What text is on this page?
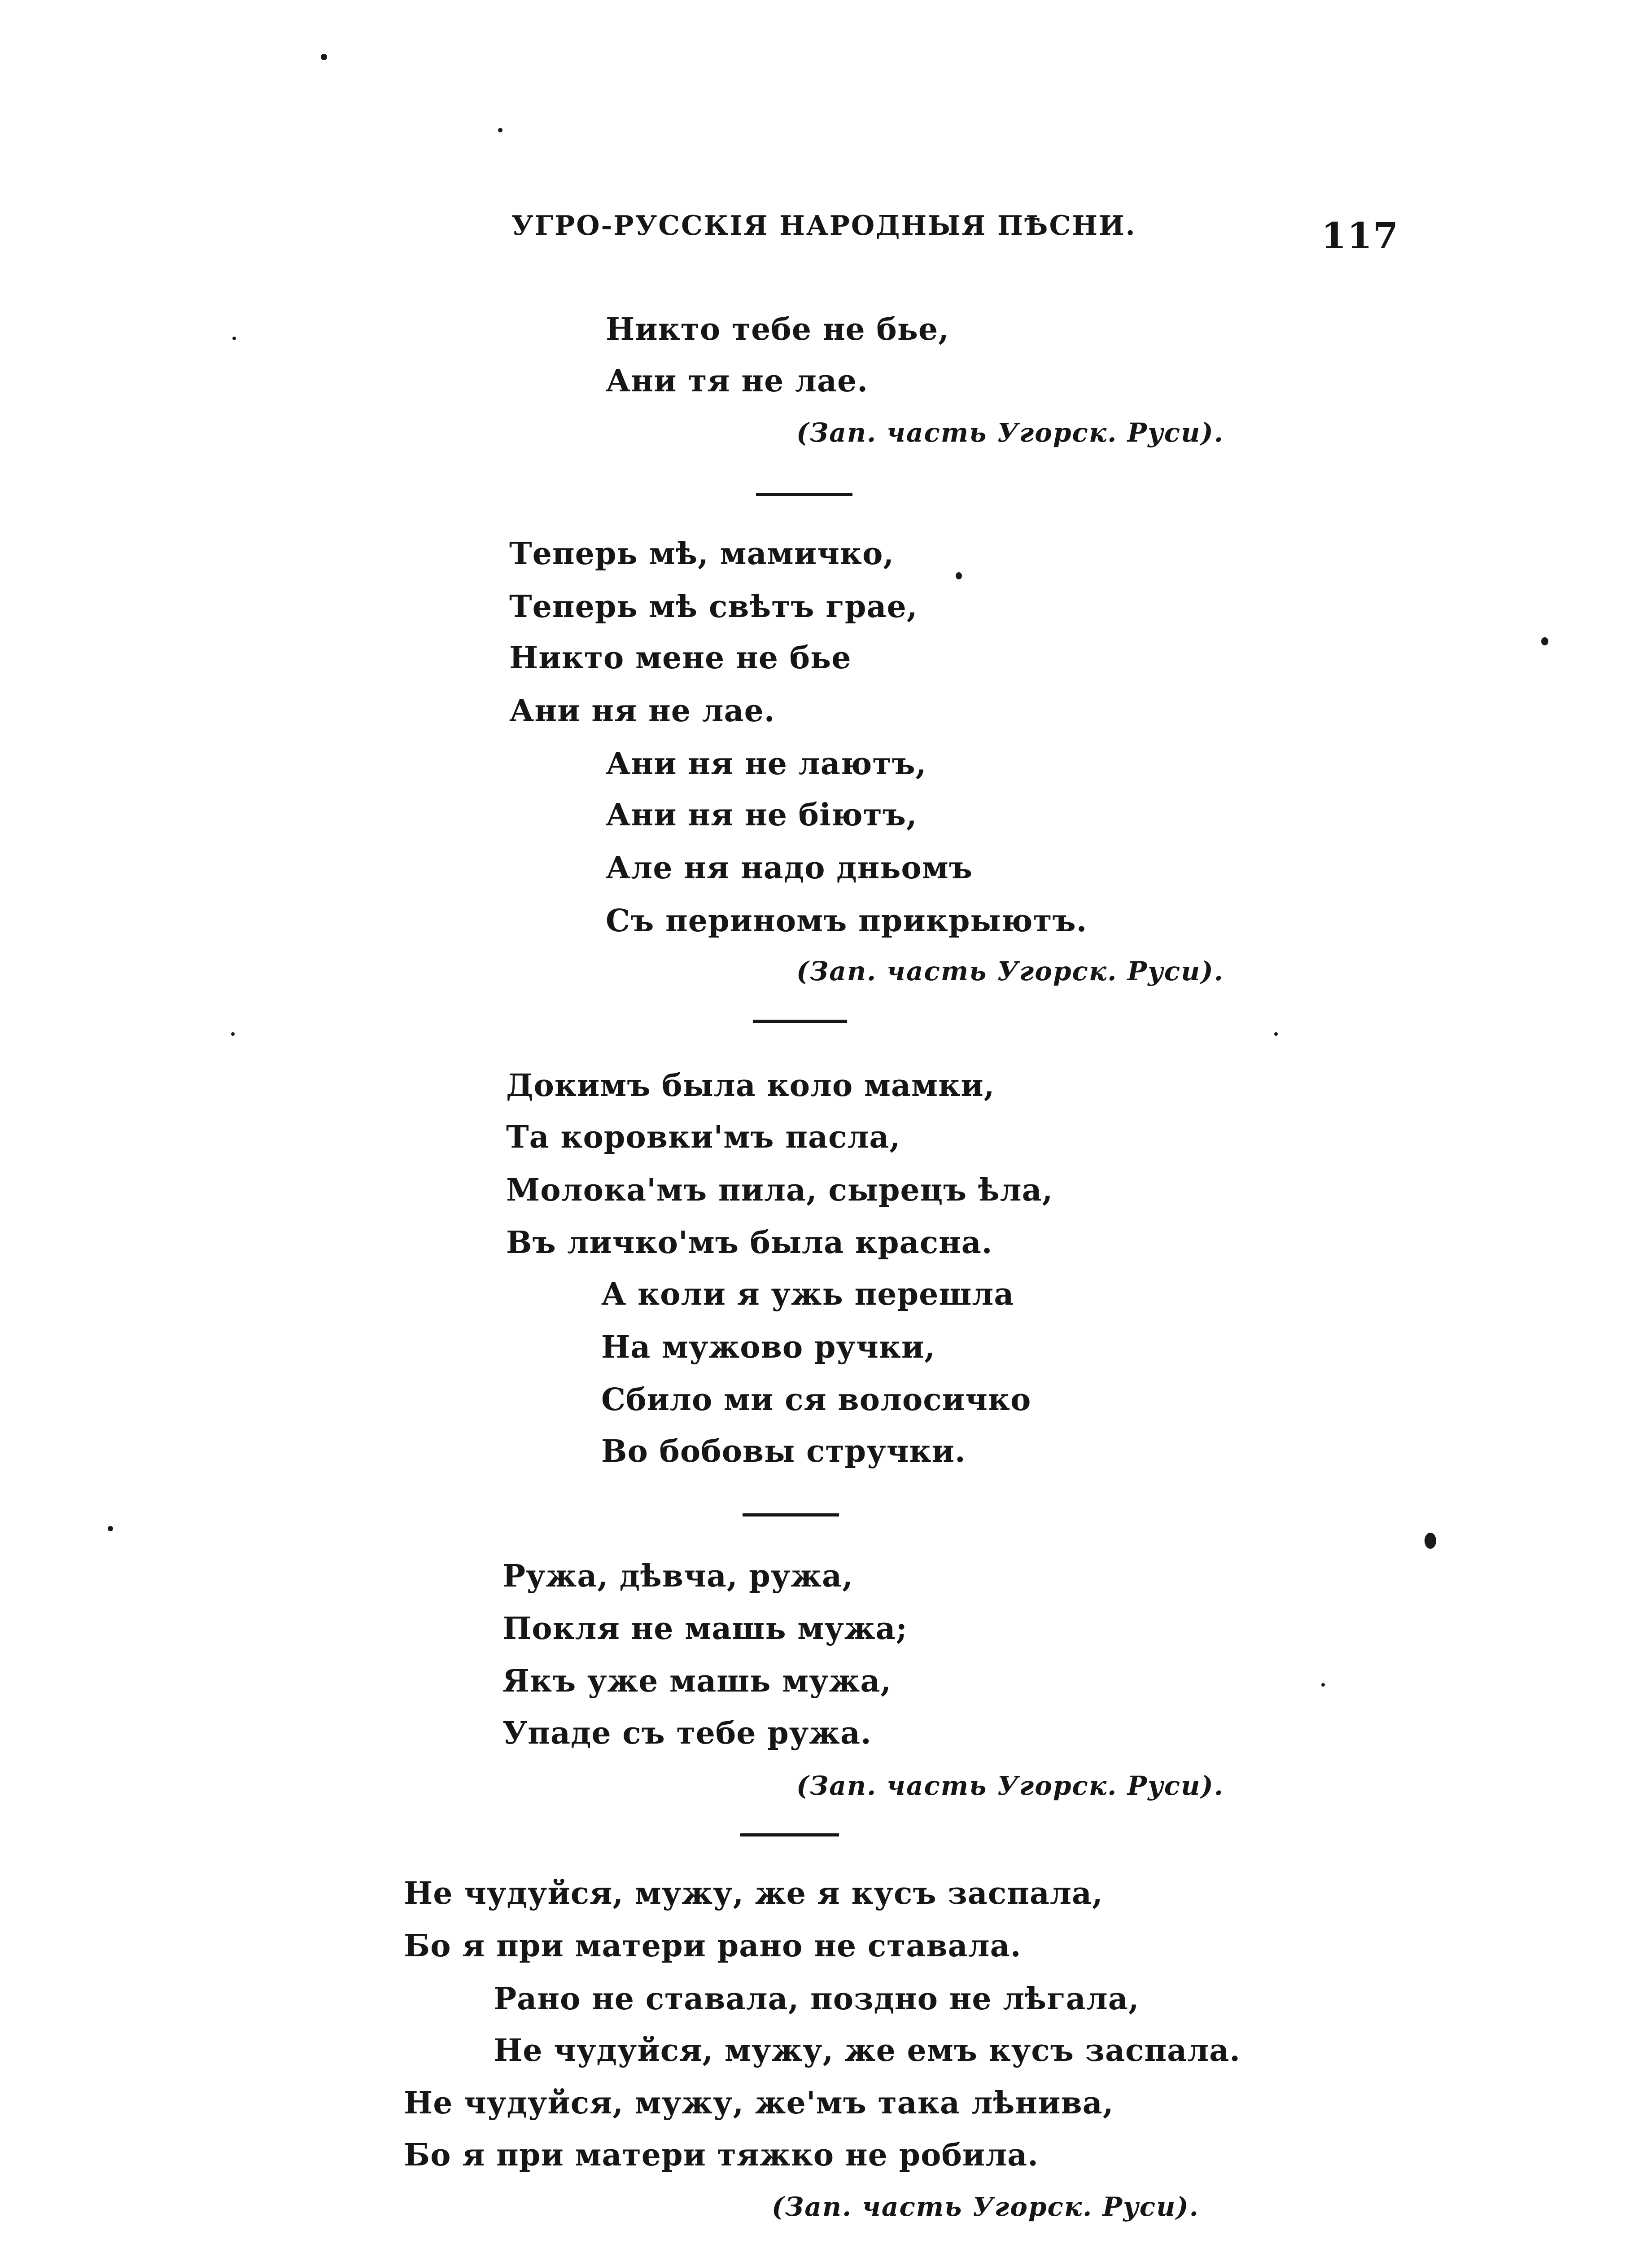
УГРО-РУССКІЯ НАРОДНЫЯ ПѢСНИ.	117
Никто тебе не бье,
Ани тя не лае.
(Зап. часть Угорск. Руси).
Теперь мѣ, мамичко,
Теперь мѣ свѣтъ грае,
Никто мене не бье
Ани ня не лае.
Ани ня не лаютъ,
Ани ня не біютъ,
Але ня надо дньомъ
Съ периномъ прикрыютъ.
(Зап. часть Угорск. Руси).
Докимъ была коло мамки,
Та коровки'мъ пасла,
Молока'мъ пила, сырецъ ѣла,
Въ личко'мъ была красна.
А коли я ужь перешла
На мужово ручки,
Сбило ми ся волосичко
Во бобовы стручки.
Ружа, дѣвча, ружа,
Покля не машь мужа;
Якъ уже машь мужа,
Упаде съ тебе ружа.
(Зап. часть Угорск. Руси).
Не чудуйся, мужу, же я кусъ заспала,
Бо я при матери рано не ставала.
Рано не ставала, поздно не лѣгала,
Не чудуйся, мужу, же емъ кусъ заспала.
Не чудуйся, мужу, же'мъ така лѣнива,
Бо я при матери тяжко не робила.
(Зап. часть Угорск. Руси).
